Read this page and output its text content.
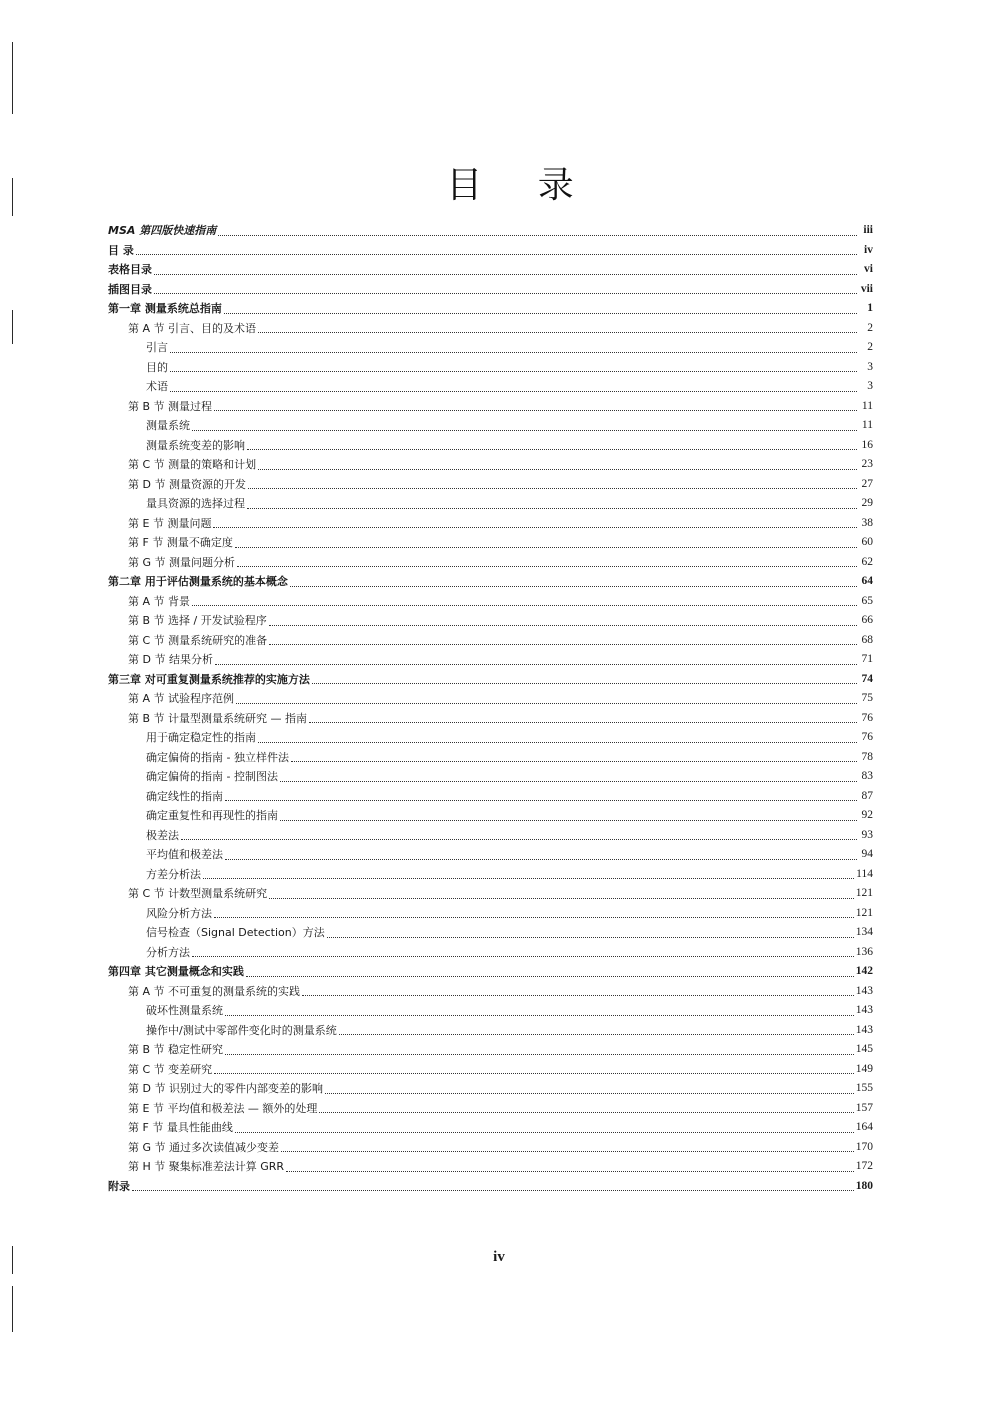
目 录
MSA 第四版快速指南	iii
目 录	iv
表格目录	vi
插图目录	vii
第一章 测量系统总指南	1
第 A 节 引言、目的及术语	2
引言	2
目的	3
术语	3
第 B 节 测量过程	11
测量系统	11
测量系统变差的影响	16
第 C 节 测量的策略和计划	23
第 D 节 测量资源的开发	27
量具资源的选择过程	29
第 E 节 测量问题	38
第 F 节 测量不确定度	60
第 G 节 测量问题分析	62
第二章 用于评估测量系统的基本概念	64
第 A 节 背景	65
第 B 节 选择 / 开发试验程序	66
第 C 节 测量系统研究的准备	68
第 D 节 结果分析	71
第三章 对可重复测量系统推荐的实施方法	74
第 A 节 试验程序范例	75
第 B 节 计量型测量系统研究 — 指南	76
用于确定稳定性的指南	76
确定偏倚的指南 - 独立样件法	78
确定偏倚的指南 - 控制图法	83
确定线性的指南	87
确定重复性和再现性的指南	92
极差法	93
平均值和极差法	94
方差分析法	114
第 C 节 计数型测量系统研究	121
风险分析方法	121
信号检查（Signal Detection）方法	134
分析方法	136
第四章 其它测量概念和实践	142
第 A 节 不可重复的测量系统的实践	143
破坏性测量系统	143
操作中/测试中零部件变化时的测量系统	143
第 B 节 稳定性研究	145
第 C 节 变差研究	149
第 D 节 识别过大的零件内部变差的影响	155
第 E 节 平均值和极差法 — 额外的处理	157
第 F 节 量具性能曲线	164
第 G 节 通过多次读值减少变差	170
第 H 节 聚集标准差法计算 GRR	172
附录	180
iv
